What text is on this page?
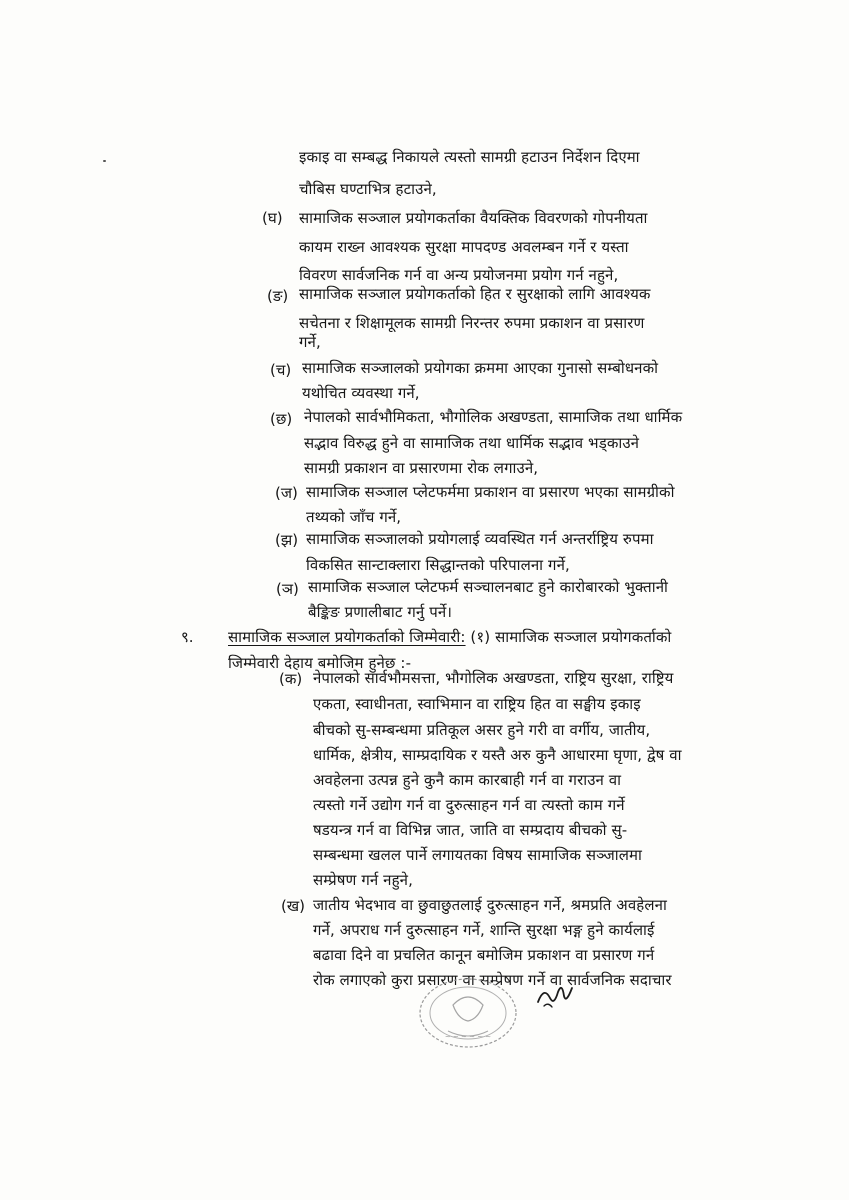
इकाइ वा सम्बद्ध निकायले त्यस्तो सामग्री हटाउन निर्देशन दिएमा
चौबिस घण्टाभित्र हटाउने,
(घ) सामाजिक सञ्जाल प्रयोगकर्ताका वैयक्तिक विवरणको गोपनीयता
कायम राख्न आवश्यक सुरक्षा मापदण्ड अवलम्बन गर्ने र यस्ता
विवरण सार्वजनिक गर्न वा अन्य प्रयोजनमा प्रयोग गर्न नहुने,
(ङ) सामाजिक सञ्जाल प्रयोगकर्ताको हित र सुरक्षाको लागि आवश्यक
सचेतना र शिक्षामूलक सामग्री निरन्तर रुपमा प्रकाशन वा प्रसारण
गर्ने,
(च) सामाजिक सञ्जालको प्रयोगका क्रममा आएका गुनासो सम्बोधनको
यथोचित व्यवस्था गर्ने,
(छ) नेपालको सार्वभौमिकता, भौगोलिक अखण्डता, सामाजिक तथा धार्मिक
सद्भाव विरुद्ध हुने वा सामाजिक तथा धार्मिक सद्भाव भड्काउने
सामग्री प्रकाशन वा प्रसारणमा रोक लगाउने,
(ज) सामाजिक सञ्जाल प्लेटफर्ममा प्रकाशन वा प्रसारण भएका सामग्रीको
तथ्यको जाँच गर्ने,
(झ) सामाजिक सञ्जालको प्रयोगलाई व्यवस्थित गर्न अन्तर्राष्ट्रिय रुपमा
विकसित सान्टाक्लारा सिद्धान्तको परिपालना गर्ने,
(ञ) सामाजिक सञ्जाल प्लेटफर्म सञ्चालनबाट हुने कारोबारको भुक्तानी
बैङ्किङ प्रणालीबाट गर्नु पर्ने।
९. सामाजिक सञ्जाल प्रयोगकर्ताको जिम्मेवारी: (१) सामाजिक सञ्जाल प्रयोगकर्ताको
जिम्मेवारी देहाय बमोजिम हुनेछ :-
(क) नेपालको सार्वभौमसत्ता, भौगोलिक अखण्डता, राष्ट्रिय सुरक्षा, राष्ट्रिय
एकता, स्वाधीनता, स्वाभिमान वा राष्ट्रिय हित वा सङ्घीय इकाइ
बीचको सु-सम्बन्धमा प्रतिकूल असर हुने गरी वा वर्गीय, जातीय,
धार्मिक, क्षेत्रीय, साम्प्रदायिक र यस्तै अरु कुनै आधारमा घृणा, द्वेष वा
अवहेलना उत्पन्न हुने कुनै काम कारबाही गर्न वा गराउन वा
त्यस्तो गर्ने उद्योग गर्न वा दुरुत्साहन गर्न वा त्यस्तो काम गर्ने
षडयन्त्र गर्न वा विभिन्न जात, जाति वा सम्प्रदाय बीचको सु-
सम्बन्धमा खलल पार्ने लगायतका विषय सामाजिक सञ्जालमा
सम्प्रेषण गर्न नहुने,
(ख) जातीय भेदभाव वा छुवाछुतलाई दुरुत्साहन गर्ने, श्रमप्रति अवहेलना
गर्ने, अपराध गर्न दुरुत्साहन गर्ने, शान्ति सुरक्षा भङ्ग हुने कार्यलाई
बढावा दिने वा प्रचलित कानून बमोजिम प्रकाशन वा प्रसारण गर्न
रोक लगाएको कुरा प्रसारण वा सम्प्रेषण गर्ने वा सार्वजनिक सदाचार
~ ~ ~ ~ ~ ~
